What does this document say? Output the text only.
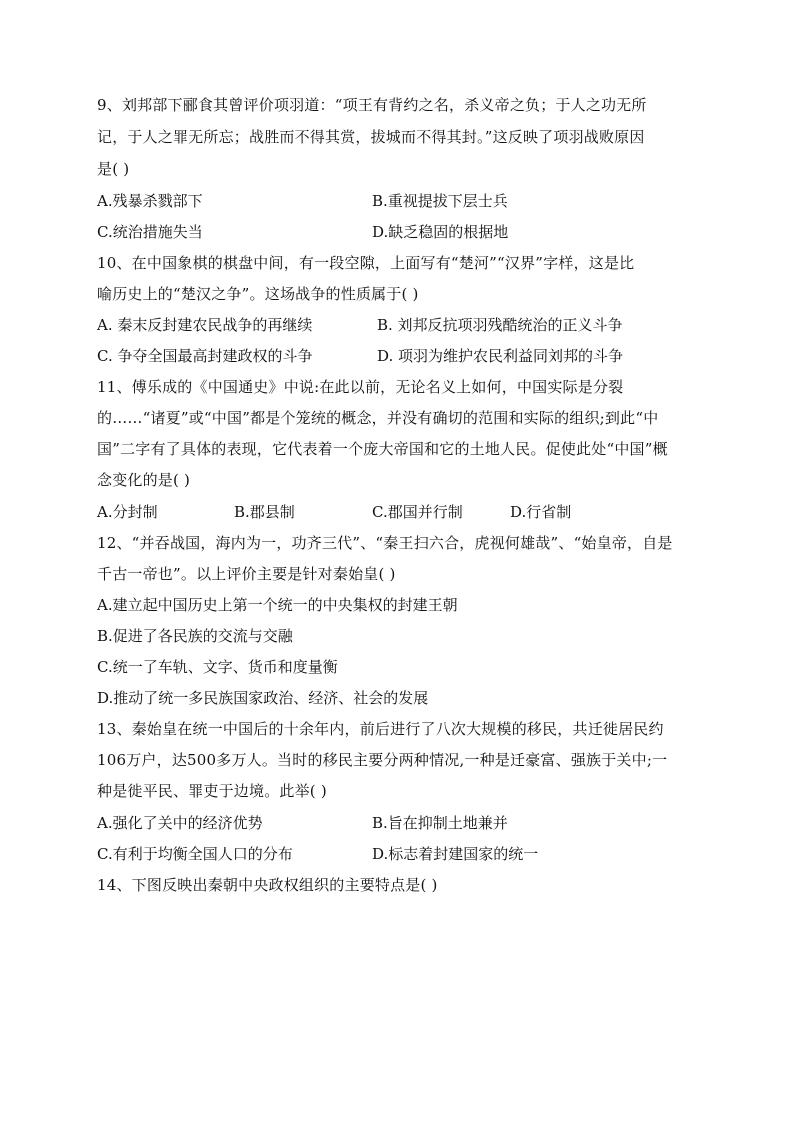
9、刘邦部下郦食其曾评价项羽道：“项王有背约之名，杀义帝之负；于人之功无所
记，于人之罪无所忘；战胜而不得其赏，拔城而不得其封。”这反映了项羽战败原因
是( )
A.残暴杀戮部下	B.重视提拔下层士兵
C.统治措施失当	D.缺乏稳固的根据地
10、在中国象棋的棋盘中间，有一段空隙，上面写有“楚河”“汉界”字样，这是比
喻历史上的“楚汉之争”。这场战争的性质属于( )
A. 秦末反封建农民战争的再继续	B. 刘邦反抗项羽残酷统治的正义斗争
C. 争夺全国最高封建政权的斗争	D. 项羽为维护农民利益同刘邦的斗争
11、傅乐成的《中国通史》中说:在此以前，无论名义上如何，中国实际是分裂
的……“诸夏”或“中国”都是个笼统的概念，并没有确切的范围和实际的组织;到此“中
国”二字有了具体的表现，它代表着一个庞大帝国和它的土地人民。促使此处“中国”概
念变化的是( )
A.分封制	B.郡县制	C.郡国并行制	D.行省制
12、“并吞战国，海内为一，功齐三代”、“秦王扫六合，虎视何雄哉”、“始皇帝，自是
千古一帝也”。以上评价主要是针对秦始皇( )
A.建立起中国历史上第一个统一的中央集权的封建王朝
B.促进了各民族的交流与交融
C.统一了车轨、文字、货币和度量衡
D.推动了统一多民族国家政治、经济、社会的发展
13、秦始皇在统一中国后的十余年内，前后进行了八次大规模的移民，共迁徙居民约
106万户，达500多万人。当时的移民主要分两种情况,一种是迁豪富、强族于关中;一
种是徙平民、罪吏于边境。此举( )
A.强化了关中的经济优势	B.旨在抑制土地兼并
C.有利于均衡全国人口的分布	D.标志着封建国家的统一
14、下图反映出秦朝中央政权组织的主要特点是( )
